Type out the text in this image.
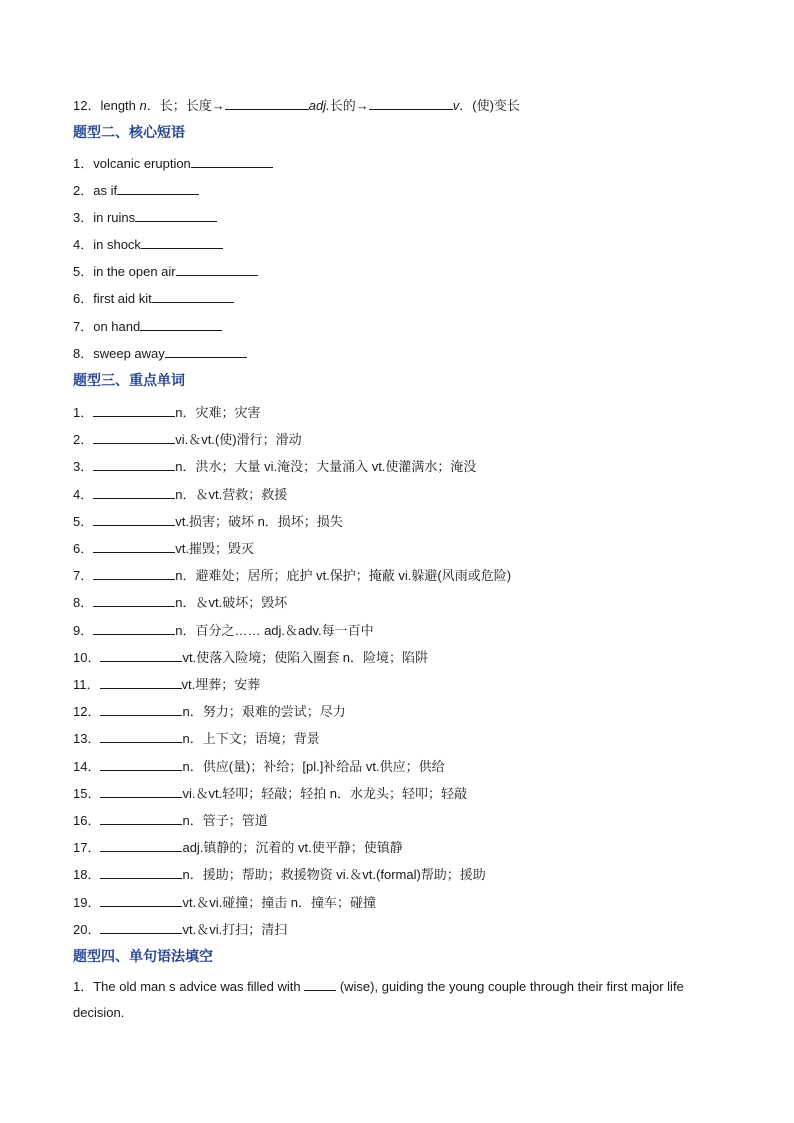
12．length n．长；长度→	adj.长的→	v．(使)变长
题型二、核心短语
1．volcanic eruption
2．as if
3．in ruins
4．in shock
5．in the open air
6．first aid kit
7．on hand
8．sweep away
题型三、重点单词
1．	n．灾难；灾害
2．	vi.＆vt.(使)滑行；滑动
3．	n．洪水；大量 vi.淹没；大量涌入 vt.使灌满水；淹没
4．	n．＆vt.营救；救援
5．	vt.损害；破坏 n．损坏；损失
6．	vt.摧毁；毁灭
7．	n．避难处；居所；庇护 vt.保护；掩蔽 vi.躲避(风雨或危险)
8．	n．＆vt.破坏；毁坏
9．	n．百分之…… adj.＆adv.每一百中
10．	vt.使落入险境；使陷入圈套 n．险境；陷阱
11．	vt.埋葬；安葬
12．	n．努力；艰难的尝试；尽力
13．	n．上下文；语境；背景
14．	n．供应(量)；补给；[pl.]补给品 vt.供应；供给
15．	vi.＆vt.轻叩；轻敲；轻拍 n．水龙头；轻叩；轻敲
16．	n．管子；管道
17．	adj.镇静的；沉着的 vt.使平静；使镇静
18．	n．援助；帮助；救援物资 vi.＆vt.(formal)帮助；援助
19．	vt.＆vi.碰撞；撞击 n．撞车；碰撞
20．	vt.＆vi.打扫；清扫
题型四、单句语法填空
1．The old man s advice was filled with  (wise), guiding the young couple through their first major life decision.
